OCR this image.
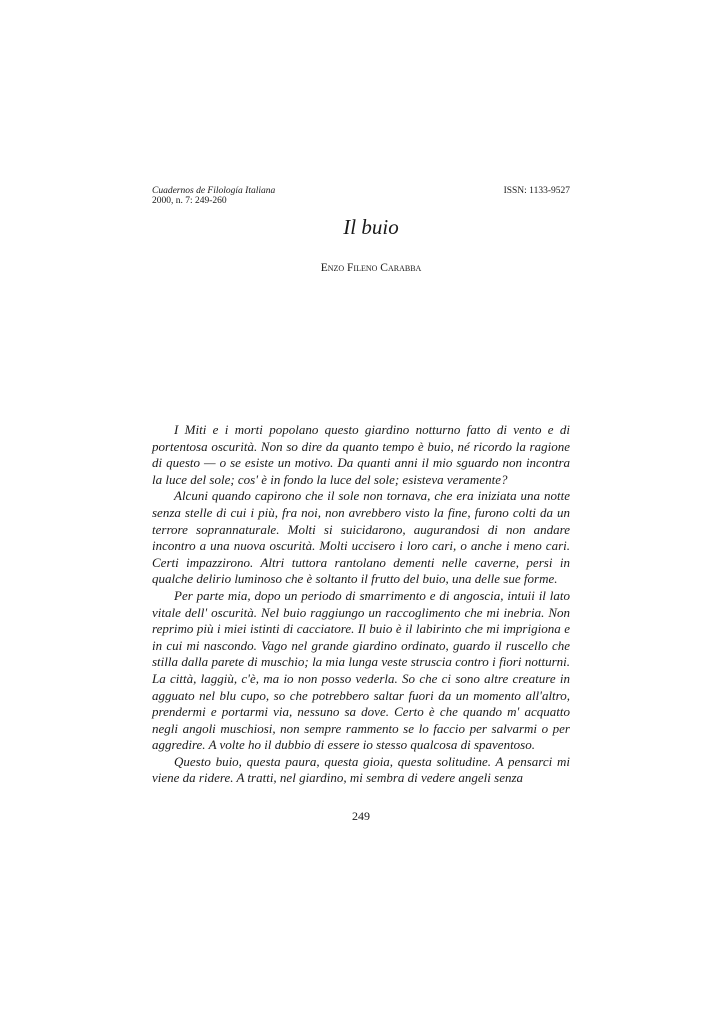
Cuadernos de Filología Italiana
2000, n. 7: 249-260
ISSN: 1133-9527
Il buio
Enzo Fileno Carabba

I Miti e i morti popolano questo giardino notturno fatto di vento e di portentosa oscurità. Non so dire da quanto tempo è buio, né ricordo la ragione di questo — o se esiste un motivo. Da quanti anni il mio sguardo non incontra la luce del sole; cos' è in fondo la luce del sole; esisteva veramente?

Alcuni quando capirono che il sole non tornava, che era iniziata una notte senza stelle di cui i più, fra noi, non avrebbero visto la fine, furono colti da un terrore soprannaturale. Molti si suicidarono, augurandosi di non andare incontro a una nuova oscurità. Molti uccisero i loro cari, o anche i meno cari. Certi impazzirono. Altri tuttora rantolano dementi nelle caverne, persi in qualche delirio luminoso che è soltanto il frutto del buio, una delle sue forme.

Per parte mia, dopo un periodo di smarrimento e di angoscia, intuii il lato vitale dell' oscurità. Nel buio raggiungo un raccoglimento che mi inebria. Non reprimo più i miei istinti di cacciatore. Il buio è il labirinto che mi imprigiona e in cui mi nascondo. Vago nel grande giardino ordinato, guardo il ruscello che stilla dalla parete di muschio; la mia lunga veste struscia contro i fiori notturni. La città, laggiù, c'è, ma io non posso vederla. So che ci sono altre creature in agguato nel blu cupo, so che potrebbero saltar fuori da un momento all'altro, prendermi e portarmi via, nessuno sa dove. Certo è che quando m' acquatto negli angoli muschiosi, non sempre rammento se lo faccio per salvarmi o per aggredire. A volte ho il dubbio di essere io stesso qualcosa di spaventoso.

Questo buio, questa paura, questa gioia, questa solitudine. A pensarci mi viene da ridere. A tratti, nel giardino, mi sembra di vedere angeli senza

249
